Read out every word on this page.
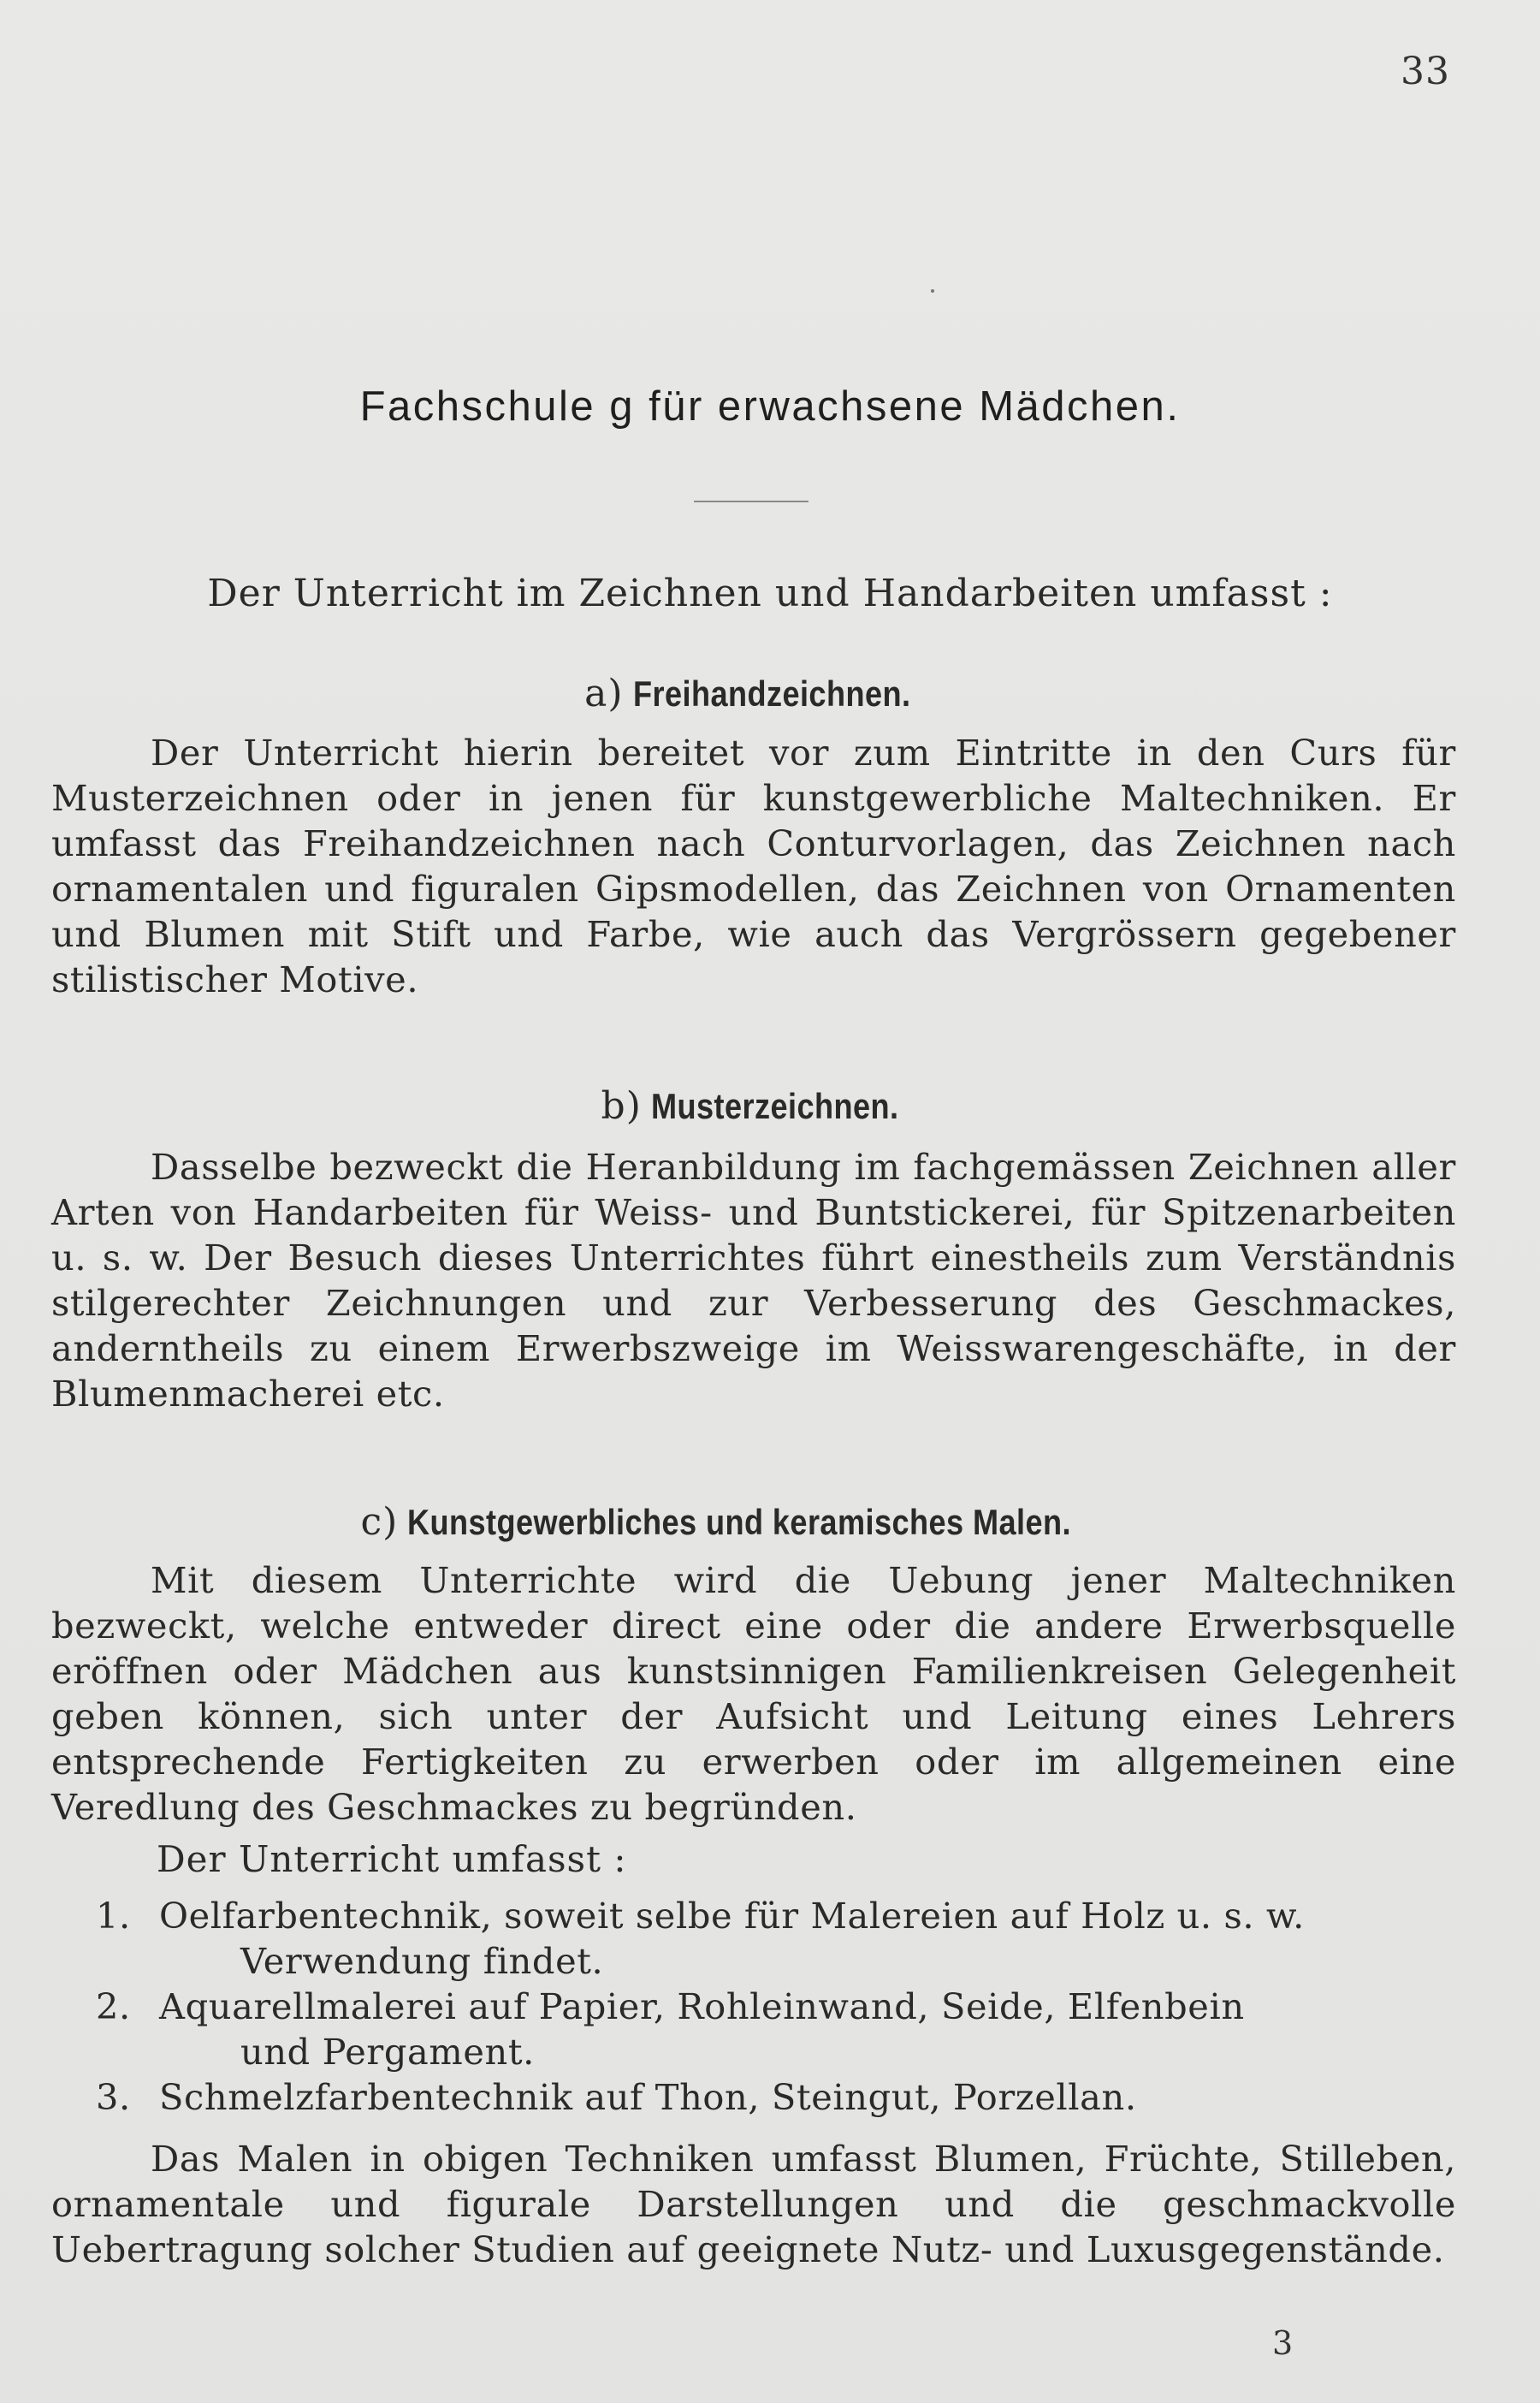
33
Fachschule g für erwachsene Mädchen.
Der Unterricht im Zeichnen und Handarbeiten umfasst :
a) Freihandzeichnen.
Der Unterricht hierin bereitet vor zum Eintritte in den Curs für Musterzeichnen oder in jenen für kunstgewerbliche Maltechniken. Er umfasst das Freihandzeichnen nach Conturvorlagen, das Zeichnen nach ornamentalen und figuralen Gipsmodellen, das Zeichnen von Ornamenten und Blumen mit Stift und Farbe, wie auch das Vergrössern gegebener stilistischer Motive.
b) Musterzeichnen.
Dasselbe bezweckt die Heranbildung im fachgemässen Zeichnen aller Arten von Handarbeiten für Weiss- und Buntstickerei, für Spitzenarbeiten u. s. w. Der Besuch dieses Unterrichtes führt einestheils zum Verständnis stilgerechter Zeichnungen und zur Verbesserung des Geschmackes, anderntheils zu einem Erwerbszweige im Weisswarengeschäfte, in der Blumenmacherei etc.
c) Kunstgewerbliches und keramisches Malen.
Mit diesem Unterrichte wird die Uebung jener Maltechniken bezweckt, welche entweder direct eine oder die andere Erwerbsquelle eröffnen oder Mädchen aus kunstsinnigen Familienkreisen Gelegenheit geben können, sich unter der Aufsicht und Leitung eines Lehrers entsprechende Fertigkeiten zu erwerben oder im allgemeinen eine Veredlung des Geschmackes zu begründen.
Der Unterricht umfasst :
1. Oelfarbentechnik, soweit selbe für Malereien auf Holz u. s. w.
Verwendung findet.
2. Aquarellmalerei auf Papier, Rohleinwand, Seide, Elfenbein
und Pergament.
3. Schmelzfarbentechnik auf Thon, Steingut, Porzellan.
Das Malen in obigen Techniken umfasst Blumen, Früchte, Stilleben, ornamentale und figurale Darstellungen und die geschmackvolle Uebertragung solcher Studien auf geeignete Nutz- und Luxusgegenstände.
3
